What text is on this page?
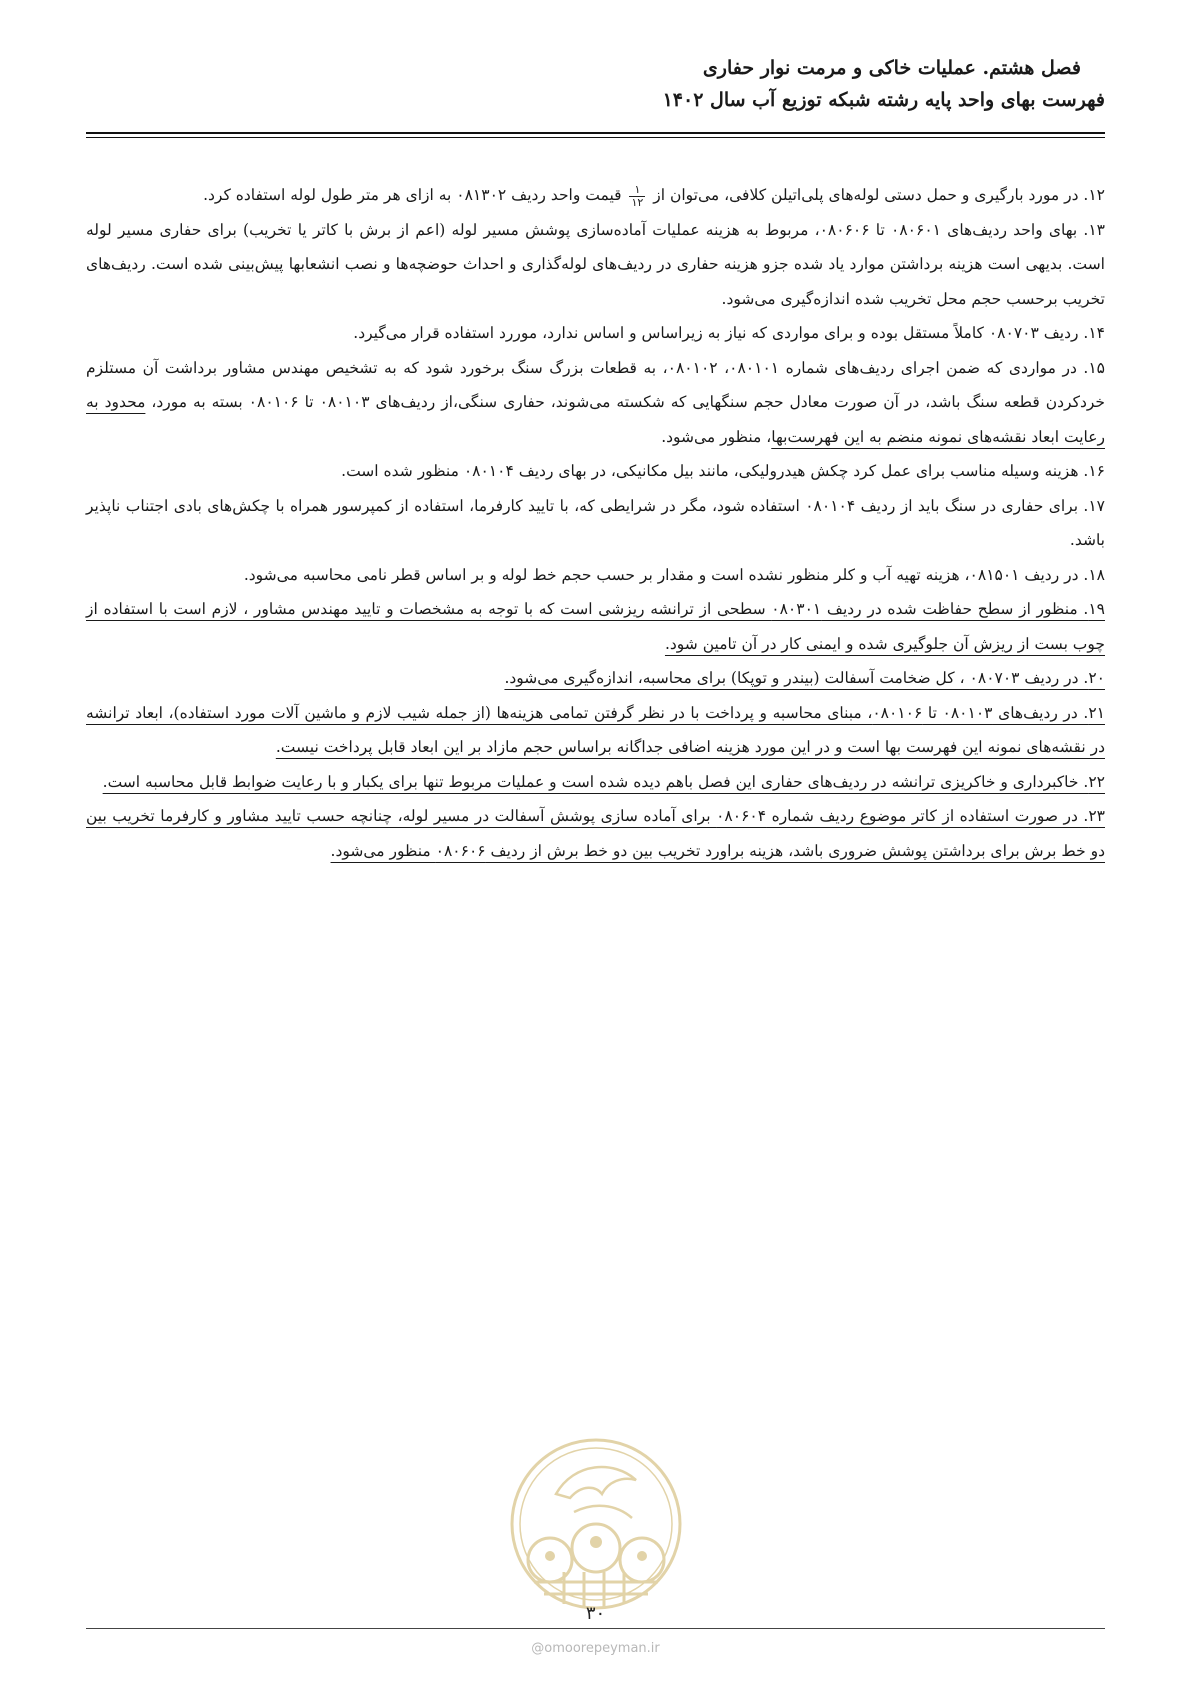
فصل هشتم. عملیات خاکی و مرمت نوار حفاری
فهرست بهای واحد پایه رشته شبکه توزیع آب سال ۱۴۰۲

۱۲. در مورد بارگیری و حمل دستی لوله‌های پلی‌اتیلن کلافی، می‌توان از
$\frac{۱}{۱۲}$
قیمت واحد ردیف ۰۸۱۳۰۲ به ازای هر متر طول لوله استفاده کرد.

۱۳. بهای واحد ردیف‌های ۰۸۰۶۰۱ تا ۰۸۰۶۰۶، مربوط به هزینه عملیات آماده‌سازی پوشش مسیر لوله (اعم از برش با کاتر یا تخریب) برای حفاری مسیر لوله است. بدیهی است هزینه برداشتن موارد یاد شده جزو هزینه حفاری در ردیف‌های لوله‌گذاری و احداث حوضچه‌ها و نصب انشعابها پیش‌بینی شده است. ردیف‌های تخریب برحسب حجم محل تخریب شده اندازه‌گیری می‌شود.

۱۴. ردیف ۰۸۰۷۰۳ کاملاً مستقل بوده و برای مواردی که نیاز به زیراساس و اساس ندارد، موررد استفاده قرار می‌گیرد.

۱۵. در مواردی که ضمن اجرای ردیف‌های شماره ۰۸۰۱۰۱، ۰۸۰۱۰۲، به قطعات بزرگ سنگ برخورد شود که به تشخیص مهندس مشاور برداشت آن مستلزم خردکردن قطعه سنگ باشد، در آن صورت معادل حجم سنگهایی که شکسته می‌شوند، حفاری سنگی،از ردیف‌های ۰۸۰۱۰۳ تا ۰۸۰۱۰۶ بسته به مورد، محدود به رعایت ابعاد نقشه‌های نمونه منضم به این فهرست‌بها، منظور می‌شود.

۱۶. هزینه وسیله مناسب برای عمل کرد چکش هیدرولیکی، مانند بیل مکانیکی، در بهای ردیف ۰۸۰۱۰۴ منظور شده است.

۱۷. برای حفاری در سنگ باید از ردیف ۰۸۰۱۰۴ استفاده شود، مگر در شرایطی که، با تایید کارفرما، استفاده از کمپرسور همراه با چکش‌های بادی اجتناب ناپذیر باشد.

۱۸. در ردیف ۰۸۱۵۰۱، هزینه تهیه آب و کلر منظور نشده است و مقدار بر حسب حجم خط لوله و بر اساس قطر نامی محاسبه می‌شود.

۱۹. منظور از سطح حفاظت شده در ردیف ۰۸۰۳۰۱ سطحی از ترانشه ریزشی است که با توجه به مشخصات و تایید مهندس مشاور ، لازم است با استفاده از چوب بست از ریزش آن جلوگیری شده و ایمنی کار در آن تامین شود.

۲۰. در ردیف ۰۸۰۷۰۳ ، کل ضخامت آسفالت (بیندر و توپکا) برای محاسبه، اندازه‌گیری می‌شود.

۲۱. در ردیف‌های ۰۸۰۱۰۳ تا ۰۸۰۱۰۶، مبنای محاسبه و پرداخت با در نظر گرفتن تمامی هزینه‌ها (از جمله شیب لازم و ماشین آلات مورد استفاده)، ابعاد ترانشه در نقشه‌های نمونه این فهرست بها است و در این مورد هزینه اضافی جداگانه براساس حجم مازاد بر این ابعاد قابل پرداخت نیست.

۲۲. خاکبرداری و خاکریزی ترانشه در ردیف‌های حفاری این فصل باهم دیده شده است و عملیات مربوط تنها برای یکبار و با رعایت ضوابط قابل محاسبه است.

۲۳. در صورت استفاده از کاتر موضوع ردیف شماره ۰۸۰۶۰۴ برای آماده سازی پوشش آسفالت در مسیر لوله، چنانچه حسب تایید مشاور و کارفرما تخریب بین دو خط برش برای برداشتن پوشش ضروری باشد، هزینه براورد تخریب بین دو خط برش از ردیف ۰۸۰۶۰۶ منظور می‌شود.

۳۰
@omoorepeyman.ir
